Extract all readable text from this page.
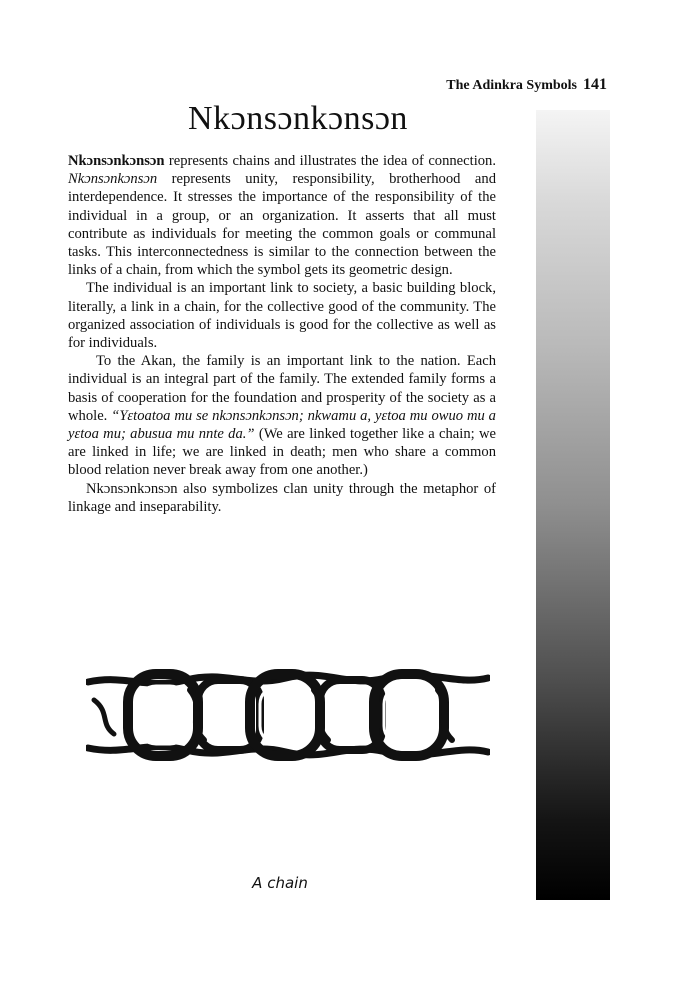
The Adinkra Symbols 141
Nkɔnsɔnkɔnsɔn

Nkɔnsɔnkɔnsɔn represents chains and illustrates the idea of connection. Nkɔnsɔnkɔnsɔn represents unity, responsibility, brotherhood and interdependence. It stresses the importance of the responsibility of the individual in a group, or an organization. It asserts that all must contribute as individuals for meeting the common goals or communal tasks. This interconnectedness is similar to the connection between the links of a chain, from which the symbol gets its geometric design.

The individual is an important link to society, a basic building block, literally, a link in a chain, for the collective good of the community. The organized association of individuals is good for the collective as well as for individuals.

To the Akan, the family is an important link to the nation. Each individual is an integral part of the family. The extended family forms a basis of cooperation for the foundation and prosperity of the society as a whole. “Yɛtoatoa mu se nkɔnsɔnkɔnsɔn; nkwamu a, yɛtoa mu owuo mu a yɛtoa mu; abusua mu nnte da.” (We are linked together like a chain; we are linked in life; we are linked in death; men who share a common blood relation never break away from one another.)

Nkɔnsɔnkɔnsɔn also symbolizes clan unity through the metaphor of linkage and inseparability.

A chain
